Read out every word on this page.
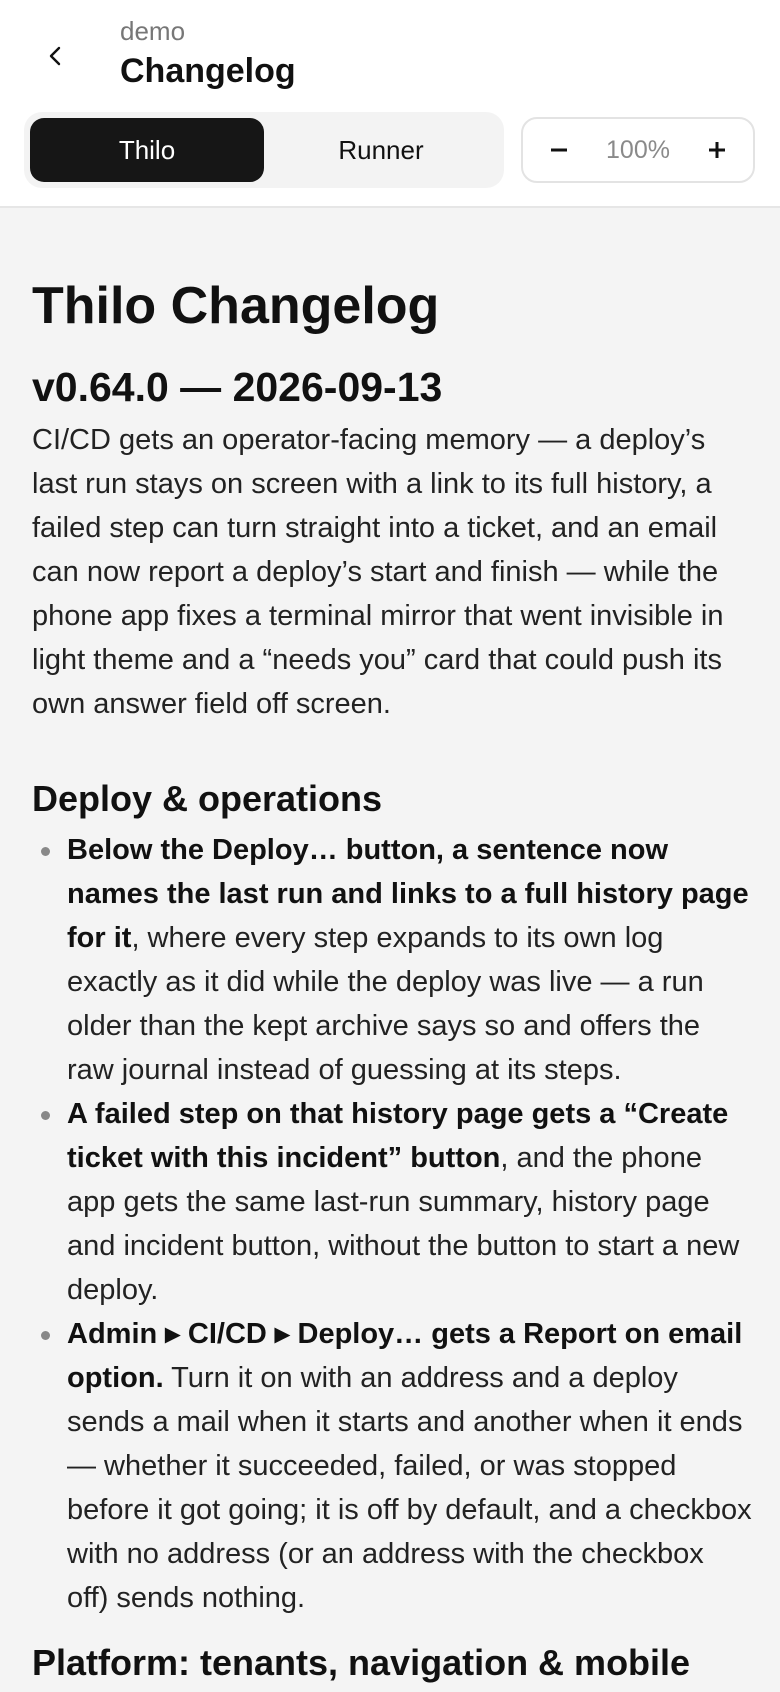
demo
Changelog
Thilo	Runner	100%
Thilo Changelog
v0.64.0 — 2026-09-13

CI/CD gets an operator-facing memory — a deploy’s last run stays on screen with a link to its full history, a failed step can turn straight into a ticket, and an email can now report a deploy’s start and finish — while the phone app fixes a terminal mirror that went invisible in light theme and a “needs you” card that could push its own answer field off screen.

Deploy & operations
Below the Deploy… button, a sentence now names the last run and links to a full history page for it, where every step expands to its own log exactly as it did while the deploy was live — a run older than the kept archive says so and offers the raw journal instead of guessing at its steps.
A failed step on that history page gets a “Create ticket with this incident” button, and the phone app gets the same last-run summary, history page and incident button, without the button to start a new deploy.
Admin ▸ CI/CD ▸ Deploy… gets a Report on email option. Turn it on with an address and a deploy sends a mail when it starts and another when it ends — whether it succeeded, failed, or was stopped before it got going; it is off by default, and a checkbox with no address (or an address with the checkbox off) sends nothing.
Platform: tenants, navigation & mobile
